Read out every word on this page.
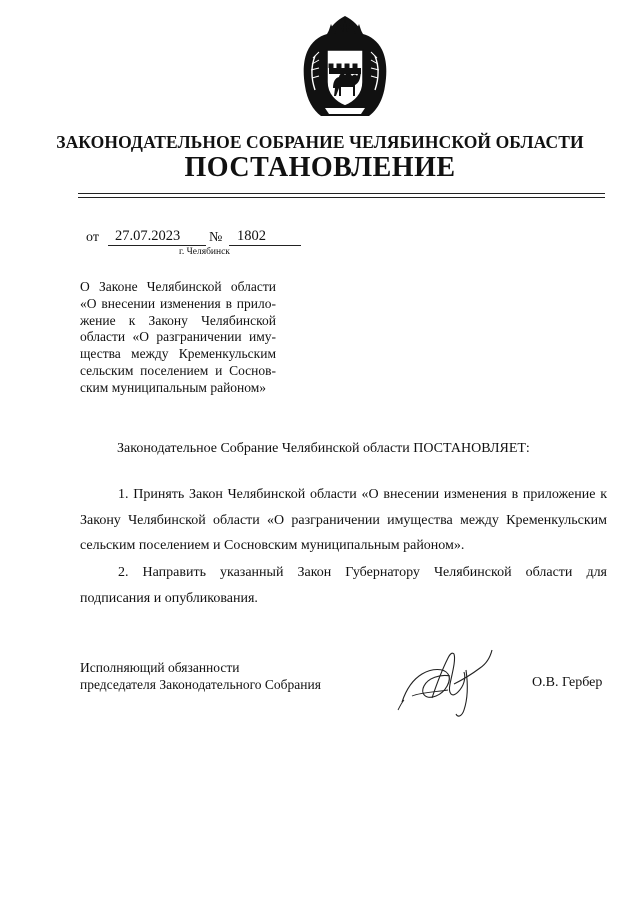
ЗАКОНОДАТЕЛЬНОЕ СОБРАНИЕ ЧЕЛЯБИНСКОЙ ОБЛАСТИ
ПОСТАНОВЛЕНИЕ
от 27.07.2023 № 1802
г. Челябинск
О Законе Челябинской области
«О внесении изменения в прило-
жение к Закону Челябинской
области «О разграничении иму-
щества между Кременкульским
сельским поселением и Соснов-
ским муниципальным районом»
Законодательное Собрание Челябинской области ПОСТАНОВЛЯЕТ:
1. Принять Закон Челябинской области «О внесении изменения в приложение к
Закону Челябинской области «О разграничении имущества между Кременкульским
сельским поселением и Сосновским муниципальным районом».
2. Направить указанный Закон Губернатору Челябинской области для
подписания и опубликования.
Исполняющий обязанности
председателя Законодательного Собрания	О.В. Гербер
